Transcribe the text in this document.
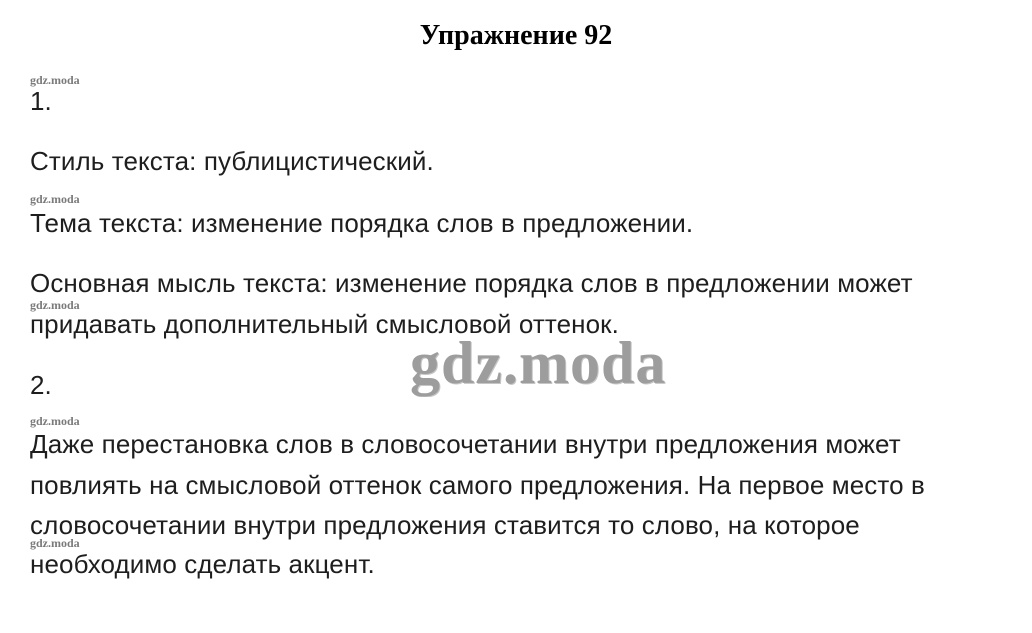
Упражнение 92
gdz.moda
1.
Стиль текста: публицистический.
gdz.moda
Тема текста: изменение порядка слов в предложении.
Основная мысль текста: изменение порядка слов в предложении может
gdz.moda
придавать дополнительный смысловой оттенок.
gdz.moda
2.
gdz.moda
Даже перестановка слов в словосочетании внутри предложения может
повлиять на смысловой оттенок самого предложения. На первое место в
словосочетании внутри предложения ставится то слово, на которое
gdz.moda
необходимо сделать акцент.
